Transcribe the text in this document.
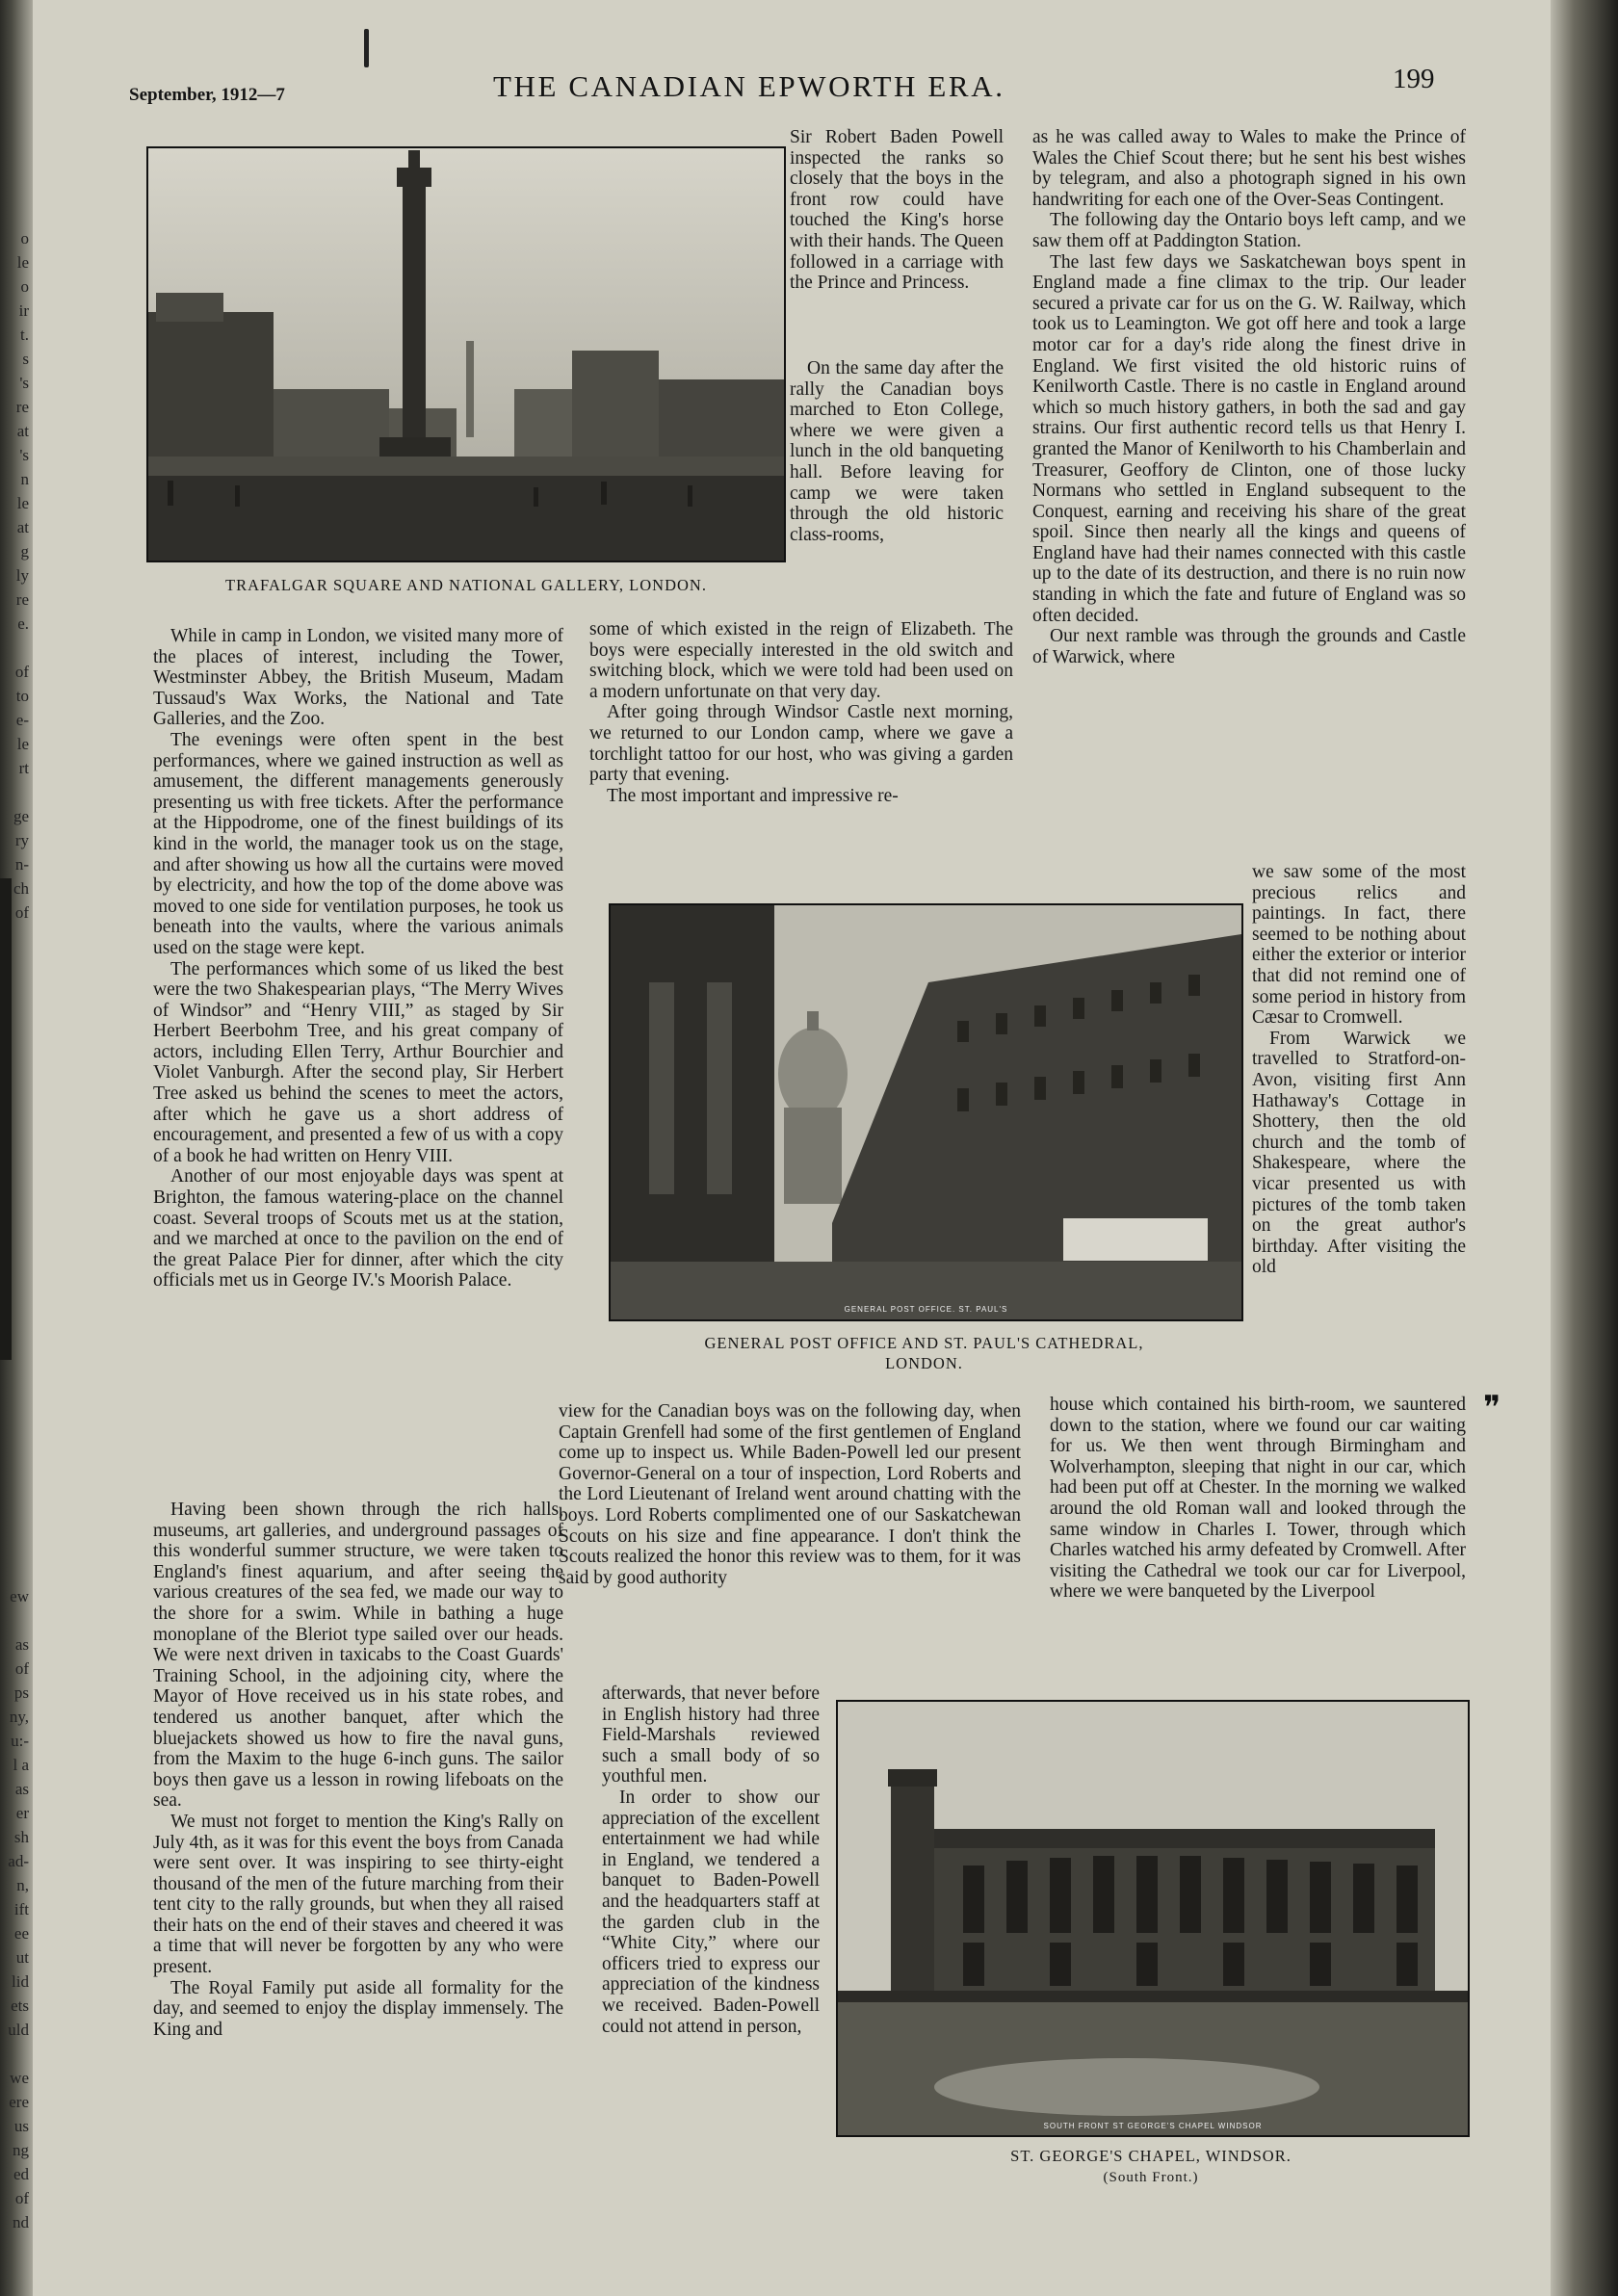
o
le
o
ir
t.
s
's
re
at
's
n
le
at
g
ly
re
e.
of
to
e-
le
rt
ge
ry
n-
ch
of
ew
as
of
ps
ny,
u:-
l a
as
er
sh
ad-
n,
ift
ee
ut
lid
ets
uld
we
ere
us
ng
ed
of
nd
September, 1912—7	THE CANADIAN EPWORTH ERA.	199
TRAFALGAR SQUARE AND NATIONAL GALLERY, LONDON.
GENERAL POST OFFICE. ST. PAUL'S
GENERAL POST OFFICE AND ST. PAUL'S CATHEDRAL,
LONDON.
SOUTH FRONT ST GEORGE'S CHAPEL WINDSOR
ST. GEORGE'S CHAPEL, WINDSOR.
(South Front.)

While in camp in London, we visited many more of the places of interest, including the Tower, Westminster Abbey, the British Museum, Madam Tussaud's Wax Works, the National and Tate Galleries, and the Zoo.

The evenings were often spent in the best performances, where we gained instruction as well as amusement, the different managements generously presenting us with free tickets. After the performance at the Hippodrome, one of the finest buildings of its kind in the world, the manager took us on the stage, and after showing us how all the curtains were moved by electricity, and how the top of the dome above was moved to one side for ventilation purposes, he took us beneath into the vaults, where the various animals used on the stage were kept.

The performances which some of us liked the best were the two Shakespearian plays, “The Merry Wives of Windsor” and “Henry VIII,” as staged by Sir Herbert Beerbohm Tree, and his great company of actors, including Ellen Terry, Arthur Bourchier and Violet Vanburgh. After the second play, Sir Herbert Tree asked us behind the scenes to meet the actors, after which he gave us a short address of encouragement, and presented a few of us with a copy of a book he had written on Henry VIII.

Another of our most enjoyable days was spent at Brighton, the famous watering-place on the channel coast. Several troops of Scouts met us at the station, and we marched at once to the pavilion on the end of the great Palace Pier for dinner, after which the city officials met us in George IV.'s Moorish Palace.

Having been shown through the rich halls, museums, art galleries, and underground passages of this wonderful summer structure, we were taken to England's finest aquarium, and after seeing the various creatures of the sea fed, we made our way to the shore for a swim. While in bathing a huge monoplane of the Bleriot type sailed over our heads. We were next driven in taxicabs to the Coast Guards' Training School, in the adjoining city, where the Mayor of Hove received us in his state robes, and tendered us another banquet, after which the bluejackets showed us how to fire the naval guns, from the Maxim to the huge 6-inch guns. The sailor boys then gave us a lesson in rowing lifeboats on the sea.

We must not forget to mention the King's Rally on July 4th, as it was for this event the boys from Canada were sent over. It was inspiring to see thirty-eight thousand of the men of the future marching from their tent city to the rally grounds, but when they all raised their hats on the end of their staves and cheered it was a time that will never be forgotten by any who were present.

The Royal Family put aside all formality for the day, and seemed to enjoy the display immensely. The King and

Sir Robert Baden Powell inspected the ranks so closely that the boys in the front row could have touched the King's horse with their hands. The Queen followed in a carriage with the Prince and Princess.

On the same day after the rally the Canadian boys marched to Eton College, where we were given a lunch in the old banqueting hall. Before leaving for camp we were taken through the old historic class-rooms,

some of which existed in the reign of Elizabeth. The boys were especially interested in the old switch and switching block, which we were told had been used on a modern unfortunate on that very day.

After going through Windsor Castle next morning, we returned to our London camp, where we gave a torchlight tattoo for our host, who was giving a garden party that evening.

The most important and impressive re-

view for the Canadian boys was on the following day, when Captain Grenfell had some of the first gentlemen of England come up to inspect us. While Baden-Powell led our present Governor-General on a tour of inspection, Lord Roberts and the Lord Lieutenant of Ireland went around chatting with the boys. Lord Roberts complimented one of our Saskatchewan Scouts on his size and fine appearance. I don't think the Scouts realized the honor this review was to them, for it was said by good authority

afterwards, that never before in English history had three Field-Marshals reviewed such a small body of so youthful men.

In order to show our appreciation of the excellent entertainment we had while in England, we tendered a banquet to Baden-Powell and the headquarters staff at the garden club in the “White City,” where our officers tried to express our appreciation of the kindness we received. Baden-Powell could not attend in person,

as he was called away to Wales to make the Prince of Wales the Chief Scout there; but he sent his best wishes by telegram, and also a photograph signed in his own handwriting for each one of the Over-Seas Contingent.

The following day the Ontario boys left camp, and we saw them off at Paddington Station.

The last few days we Saskatchewan boys spent in England made a fine climax to the trip. Our leader secured a private car for us on the G. W. Railway, which took us to Leamington. We got off here and took a large motor car for a day's ride along the finest drive in England. We first visited the old historic ruins of Kenilworth Castle. There is no castle in England around which so much history gathers, in both the sad and gay strains. Our first authentic record tells us that Henry I. granted the Manor of Kenilworth to his Chamberlain and Treasurer, Geoffory de Clinton, one of those lucky Normans who settled in England subsequent to the Conquest, earning and receiving his share of the great spoil. Since then nearly all the kings and queens of England have had their names connected with this castle up to the date of its destruction, and there is no ruin now standing in which the fate and future of England was so often decided.

Our next ramble was through the grounds and Castle of Warwick, where

we saw some of the most precious relics and paintings. In fact, there seemed to be nothing about either the exterior or interior that did not remind one of some period in history from Cæsar to Cromwell.

From Warwick we travelled to Stratford-on-Avon, visiting first Ann Hathaway's Cottage in Shottery, then the old church and the tomb of Shakespeare, where the vicar presented us with pictures of the tomb taken on the great author's birthday. After visiting the old

house which contained his birth-room, we sauntered down to the station, where we found our car waiting for us. We then went through Birmingham and Wolverhampton, sleeping that night in our car, which had been put off at Chester. In the morning we walked around the old Roman wall and looked through the same window in Charles I. Tower, through which Charles watched his army defeated by Cromwell. After visiting the Cathedral we took our car for Liverpool, where we were banqueted by the Liverpool

❞
